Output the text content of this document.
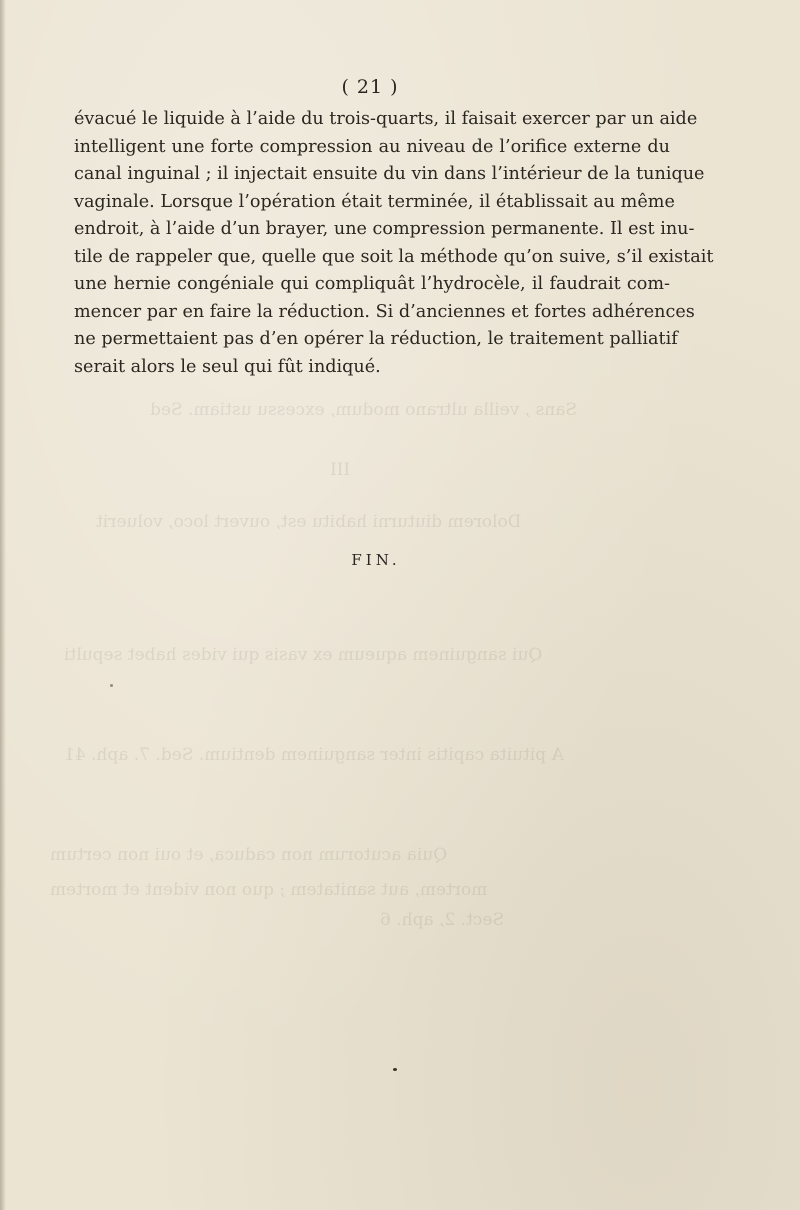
Sans , veilla ultrano modum, excessu ustiam. Sed
III
Dolorem diuturni habitu est, ouvert loco, voluerit
Qui sanguinem aqueum ex vasis qui vides habet sepulti
A pituita capitis inter sanguinem dentium. Sed. 7. aph. 41
Quia acutorum non caduca, et oui non certum
mortem, aut sanitatem ; quo non vident et mortem
Sect. 2, aph. 6
( 21 )
évacué le liquide à l’aide du trois-quarts, il faisait exercer par un aide
intelligent une forte compression au niveau de l’orifice externe du
canal inguinal ; il injectait ensuite du vin dans l’intérieur de la tunique
vaginale. Lorsque l’opération était terminée, il établissait au même
endroit, à l’aide d’un brayer, une compression permanente. Il est inu-
tile de rappeler que, quelle que soit la méthode qu’on suive, s’il existait
une hernie congéniale qui compliquât l’hydrocèle, il faudrait com-
mencer par en faire la réduction. Si d’anciennes et fortes adhérences
ne permettaient pas d’en opérer la réduction, le traitement palliatif
serait alors le seul qui fût indiqué.
FIN.
